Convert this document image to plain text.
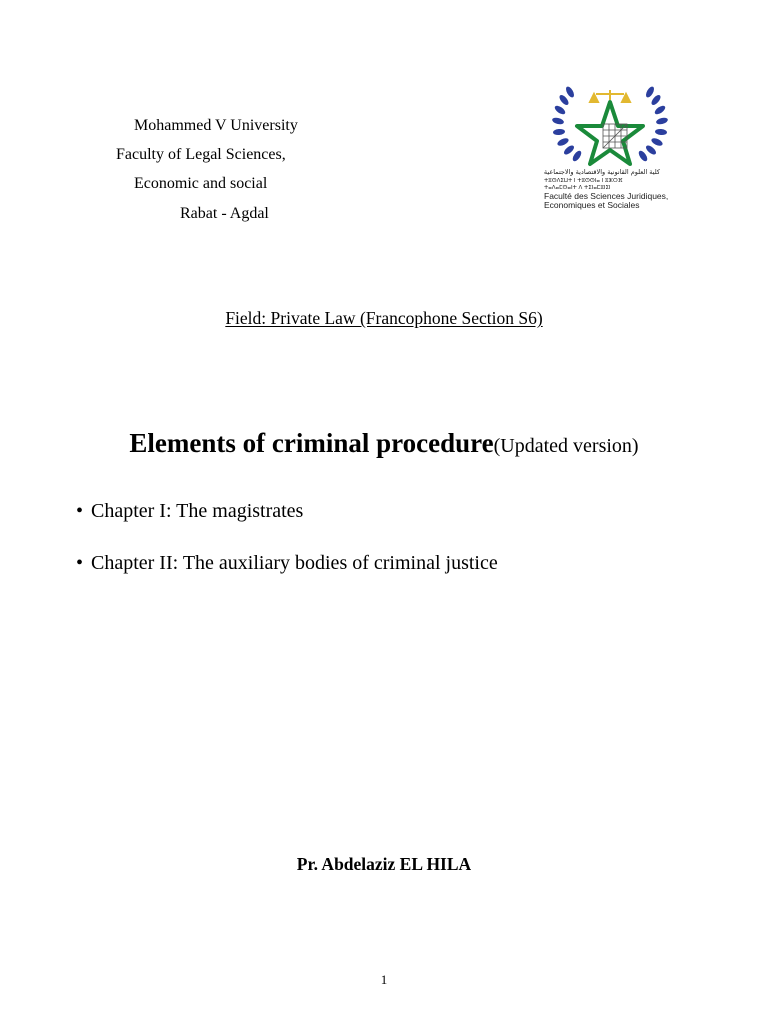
Mohammed V University
Faculty of Legal Sciences,
Economic and social
Rabat - Agdal
كلية العلوم القانونية والاقتصادية والاجتماعية
ⵜⵓⵙⴷⵉⵡⵜ ⵏ ⵜⵓⵙⵙⵏⴰ ⵏ ⵓⵣⵔⴼ
ⵜⴰⴷⴰⵎⵙⴰⵏⵜ ⴷ ⵜⵉⵏⴰⵎⵓⵏⵉⵏ
Faculté des Sciences Juridiques,
Economiques et Sociales
Field: Private Law (Francophone Section S6)
Elements of criminal procedure(Updated version)
• Chapter I: The magistrates
• Chapter II: The auxiliary bodies of criminal justice
Pr. Abdelaziz EL HILA
1
